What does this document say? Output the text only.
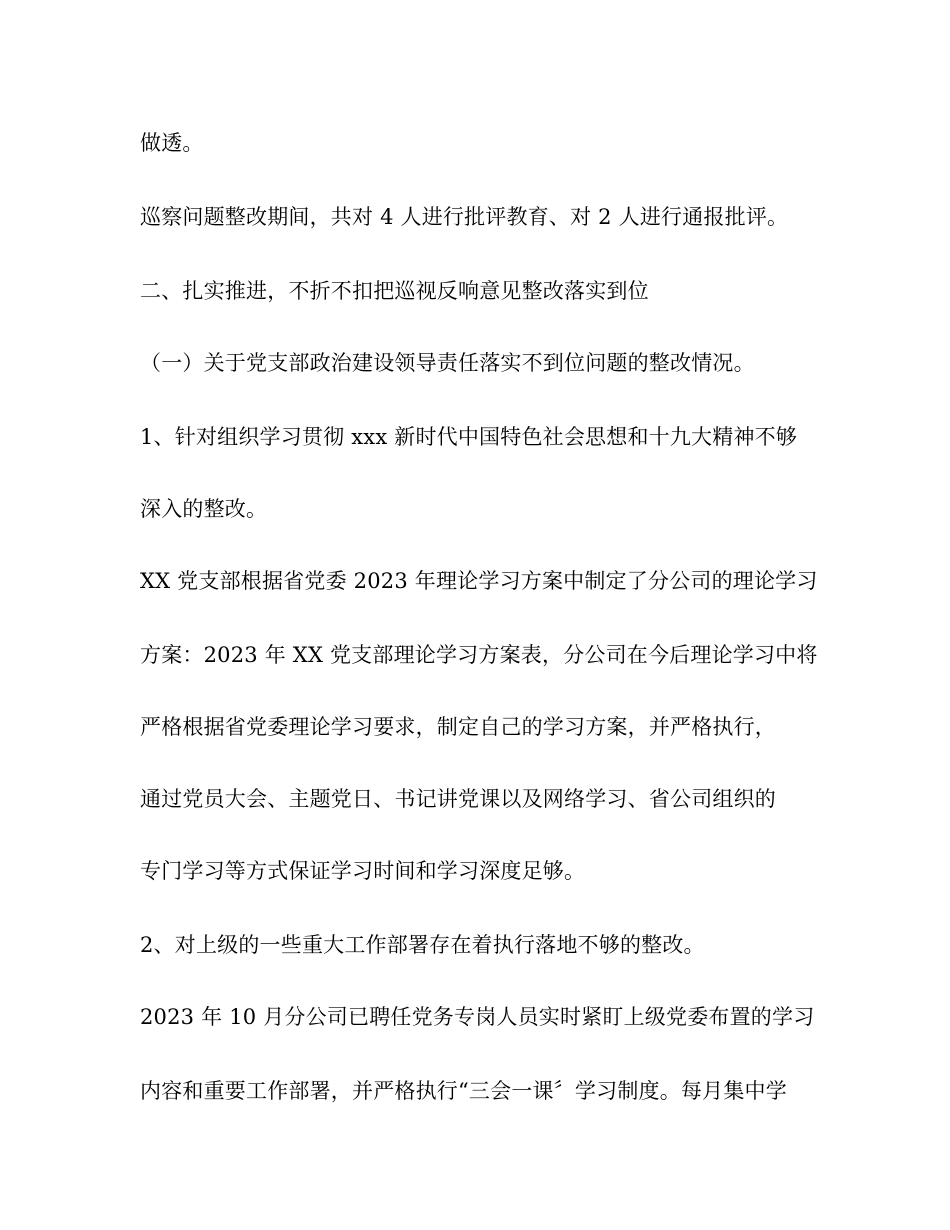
做透。
巡察问题整改期间，共对 4 人进行批评教育、对 2 人进行通报批评。
二、扎实推进，不折不扣把巡视反响意见整改落实到位
（一）关于党支部政治建设领导责任落实不到位问题的整改情况。
1、针对组织学习贯彻 xxx 新时代中国特色社会思想和十九大精神不够
深入的整改。
XX 党支部根据省党委 2023 年理论学习方案中制定了分公司的理论学习
方案：2023 年 XX 党支部理论学习方案表，分公司在今后理论学习中将
严格根据省党委理论学习要求，制定自己的学习方案，并严格执行，
通过党员大会、主题党日、书记讲党课以及网络学习、省公司组织的
专门学习等方式保证学习时间和学习深度足够。
2、对上级的一些重大工作部署存在着执行落地不够的整改。
2023 年 10 月分公司已聘任党务专岗人员实时紧盯上级党委布置的学习
内容和重要工作部署，并严格执行“三会一课〞学习制度。每月集中学
